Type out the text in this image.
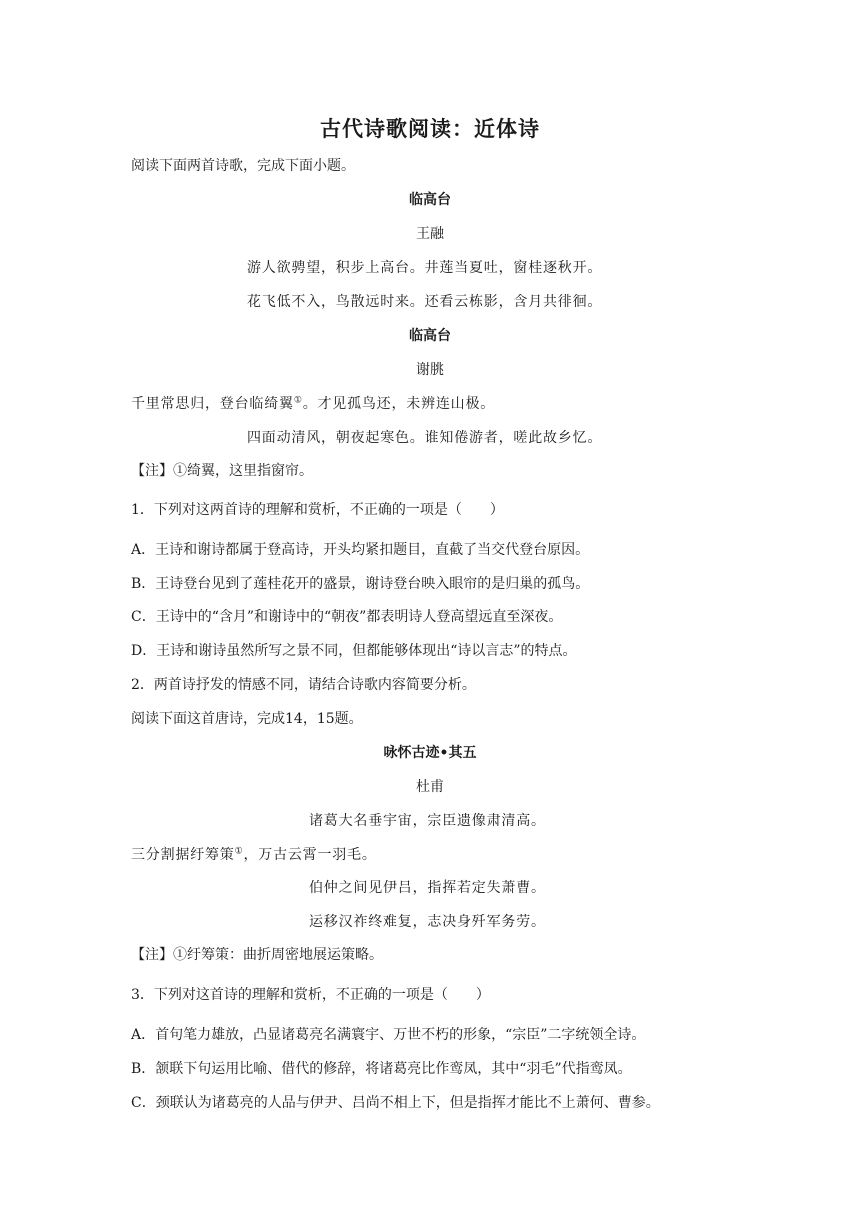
古代诗歌阅读：近体诗
阅读下面两首诗歌，完成下面小题。
临高台
王融
游人欲骋望，积步上高台。井莲当夏吐，窗桂逐秋开。
花飞低不入，鸟散远时来。还看云栋影，含月共徘徊。
临高台
谢朓
千里常思归，登台临绮翼①。才见孤鸟还，未辨连山极。
四面动清风，朝夜起寒色。谁知倦游者，嗟此故乡忆。
【注】①绮翼，这里指窗帘。
1．下列对这两首诗的理解和赏析，不正确的一项是（　　）
A．王诗和谢诗都属于登高诗，开头均紧扣题目，直截了当交代登台原因。
B．王诗登台见到了莲桂花开的盛景，谢诗登台映入眼帘的是归巢的孤鸟。
C．王诗中的“含月”和谢诗中的“朝夜”都表明诗人登高望远直至深夜。
D．王诗和谢诗虽然所写之景不同，但都能够体现出“诗以言志”的特点。
2．两首诗抒发的情感不同，请结合诗歌内容简要分析。
阅读下面这首唐诗，完成14，15题。
咏怀古迹•其五
杜甫
诸葛大名垂宇宙，宗臣遗像肃清高。
三分割据纡筹策①，万古云霄一羽毛。
伯仲之间见伊吕，指挥若定失萧曹。
运移汉祚终难复，志决身歼军务劳。
【注】①纡筹策：曲折周密地展运策略。
3．下列对这首诗的理解和赏析，不正确的一项是（　　）
A．首句笔力雄放，凸显诸葛亮名满寰宇、万世不朽的形象，“宗臣”二字统领全诗。
B．颔联下句运用比喻、借代的修辞，将诸葛亮比作鸾凤，其中“羽毛”代指鸾凤。
C．颈联认为诸葛亮的人品与伊尹、吕尚不相上下，但是指挥才能比不上萧何、曹参。
